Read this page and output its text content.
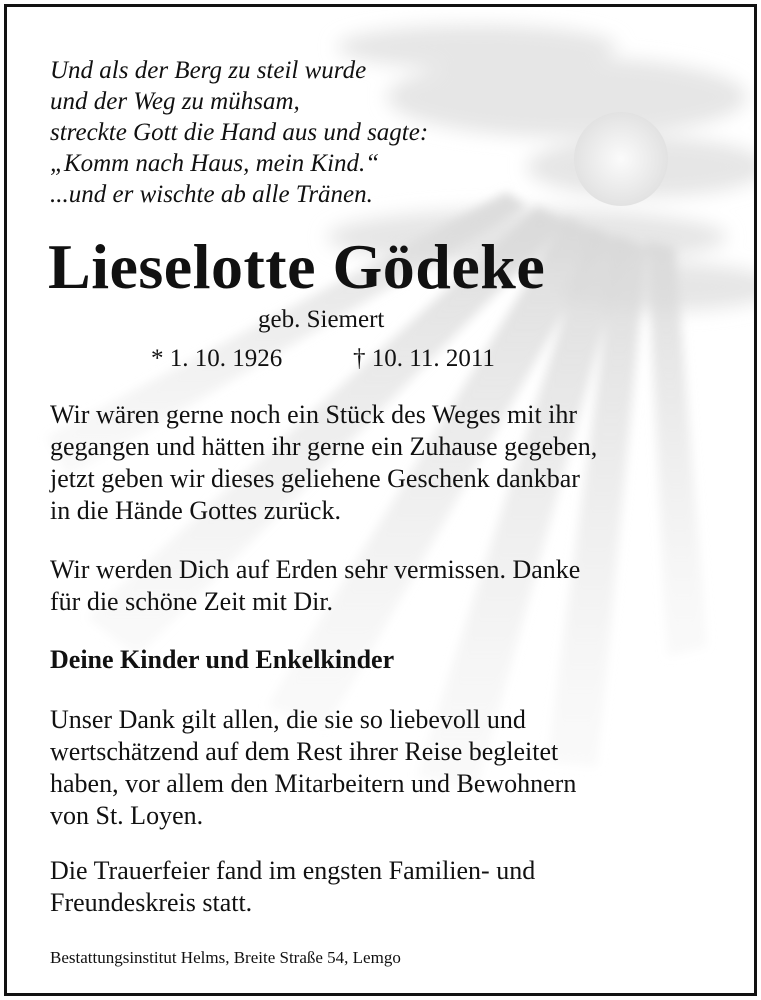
Und als der Berg zu steil wurde
und der Weg zu mühsam,
streckte Gott die Hand aus und sagte:
„Komm nach Haus, mein Kind.“
...und er wischte ab alle Tränen.
Lieselotte Gödeke
geb. Siemert
* 1. 10. 1926	† 10. 11. 2011
Wir wären gerne noch ein Stück des Weges mit ihr
gegangen und hätten ihr gerne ein Zuhause gegeben,
jetzt geben wir dieses geliehene Geschenk dankbar
in die Hände Gottes zurück.
Wir werden Dich auf Erden sehr vermissen. Danke
für die schöne Zeit mit Dir.
Deine Kinder und Enkelkinder
Unser Dank gilt allen, die sie so liebevoll und
wertschätzend auf dem Rest ihrer Reise begleitet
haben, vor allem den Mitarbeitern und Bewohnern
von St. Loyen.
Die Trauerfeier fand im engsten Familien- und
Freundeskreis statt.
Bestattungsinstitut Helms, Breite Straße 54, Lemgo
